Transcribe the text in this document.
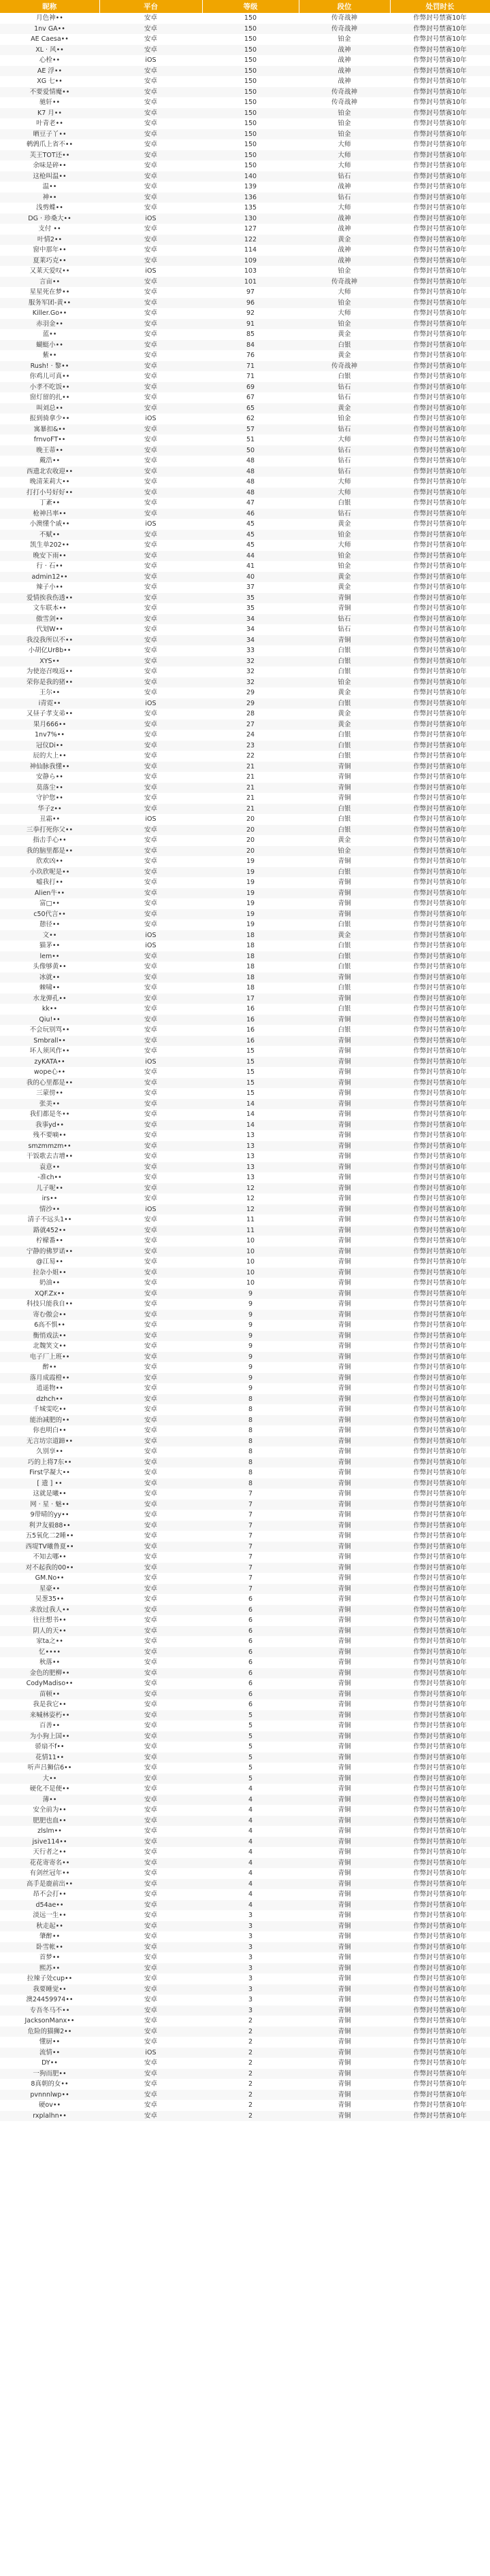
昵称	平台	等级	段位	处罚时长
月色神••	安卓	150	传奇战神	作弊封号禁赛10年
1nv GA••	安卓	150	传奇战神	作弊封号禁赛10年
AE Caesa••	安卓	150	铂金	作弊封号禁赛10年
XL · 风••	安卓	150	战神	作弊封号禁赛10年
心栓••	iOS	150	战神	作弊封号禁赛10年
AE 浮••	安卓	150	战神	作弊封号禁赛10年
XG 七••	安卓	150	战神	作弊封号禁赛10年
不要爱情魔••	安卓	150	传奇战神	作弊封号禁赛10年
驰轩••	安卓	150	传奇战神	作弊封号禁赛10年
K7 月••	安卓	150	铂金	作弊封号禁赛10年
叶青老••	安卓	150	铂金	作弊封号禁赛10年
晒豆子丫••	安卓	150	铂金	作弊封号禁赛10年
鹌鹑爪上省不••	安卓	150	大师	作弊封号禁赛10年
芙王TOT还••	安卓	150	大师	作弊封号禁赛10年
余味是碎••	安卓	150	大师	作弊封号禁赛10年
这枪叫温••	安卓	140	钻石	作弊封号禁赛10年
温••	安卓	139	战神	作弊封号禁赛10年
神••	安卓	136	钻石	作弊封号禁赛10年
浅剪蝶••	安卓	135	大师	作弊封号禁赛10年
DG · 珍桑大••	iOS	130	战神	作弊封号禁赛10年
支付 ••	安卓	127	战神	作弊封号禁赛10年
叶情2••	安卓	122	黄金	作弊封号禁赛10年
窗中那年••	安卓	114	战神	作弊封号禁赛10年
夏莱巧克••	安卓	109	战神	作弊封号禁赛10年
又莱天爱叹••	iOS	103	铂金	作弊封号禁赛10年
言亩••	安卓	101	传奇战神	作弊封号禁赛10年
星星死在梦••	安卓	97	大师	作弊封号禁赛10年
服务军团-黄••	安卓	96	铂金	作弊封号禁赛10年
Killer.Go••	安卓	92	大师	作弊封号禁赛10年
赤羽金••	安卓	91	铂金	作弊封号禁赛10年
蓝••	安卓	85	黄金	作弊封号禁赛10年
蝴蜓小••	安卓	84	白银	作弊封号禁赛10年
紫••	安卓	76	黄金	作弊封号禁赛10年
Rush! · 黎••	安卓	71	传奇战神	作弊封号禁赛10年
你鸡儿可真••	安卓	71	白银	作弊封号禁赛10年
小孝不吃饭••	安卓	69	钻石	作弊封号禁赛10年
窗灯留的扎••	安卓	67	钻石	作弊封号禁赛10年
叫刘总••	安卓	65	黄金	作弊封号禁赛10年
报到骑拿少••	iOS	62	铂金	作弊封号禁赛10年
寓暴扣&••	安卓	57	钻石	作弊封号禁赛10年
frnvoFT••	安卓	51	大师	作弊封号禁赛10年
晚王蒂••	安卓	50	钻石	作弊封号禁赛10年
戴浩••	安卓	48	钻石	作弊封号禁赛10年
西遗北农收迎••	安卓	48	钻石	作弊封号禁赛10年
晚清茉莉大••	安卓	48	大师	作弊封号禁赛10年
打打小号好好••	安卓	48	大师	作弊封号禁赛10年
丁紊••	安卓	47	白银	作弊封号禁赛10年
枪神吕率••	安卓	46	钻石	作弊封号禁赛10年
小澳懂个戚••	iOS	45	黄金	作弊封号禁赛10年
不赋••	安卓	45	铂金	作弊封号禁赛10年
凯生单202••	安卓	45	大师	作弊封号禁赛10年
晚安下雨••	安卓	44	铂金	作弊封号禁赛10年
行 · 石••	安卓	41	铂金	作弊封号禁赛10年
admin12••	安卓	40	黄金	作弊封号禁赛10年
辣子小••	安卓	37	黄金	作弊封号禁赛10年
爱情挨我伤透••	安卓	35	青铜	作弊封号禁赛10年
文车联本••	安卓	35	青铜	作弊封号禁赛10年
傲雪剑••	安卓	34	钻石	作弊封号禁赛10年
代划W••	安卓	34	钻石	作弊封号禁赛10年
我没我所以不••	安卓	34	青铜	作弊封号禁赛10年
小胡亿Ur8b••	安卓	33	白银	作弊封号禁赛10年
XYS••	安卓	32	白银	作弊封号禁赛10年
为使迩召嗅返••	安卓	32	白银	作弊封号禁赛10年
荣你是我的猪••	安卓	32	铂金	作弊封号禁赛10年
王尔••	安卓	29	黄金	作弊封号禁赛10年
i青霓••	iOS	29	白银	作弊封号禁赛10年
又昼子孝支弟••	安卓	28	黄金	作弊封号禁赛10年
果月666••	安卓	27	黄金	作弊封号禁赛10年
1nv7%••	安卓	24	白银	作弊封号禁赛10年
冠仪Di••	安卓	23	白银	作弊封号禁赛10年
辰的大上••	安卓	22	白银	作弊封号禁赛10年
神仙脉我懂••	安卓	21	青铜	作弊封号禁赛10年
安静ら••	安卓	21	青铜	作弊封号禁赛10年
莫落尘••	安卓	21	青铜	作弊封号禁赛10年
守护您••	安卓	21	青铜	作弊封号禁赛10年
华子z••	安卓	21	白银	作弊封号禁赛10年
丑霜••	iOS	20	白银	作弊封号禁赛10年
三拳打死你父••	安卓	20	白银	作弊封号禁赛10年
指击手心••	安卓	20	黄金	作弊封号禁赛10年
我的脑里都是••	安卓	20	铂金	作弊封号禁赛10年
欣欢凶••	安卓	19	青铜	作弊封号禁赛10年
小玖欣呢是••	安卓	19	白银	作弊封号禁赛10年
嘘我打••	安卓	19	青铜	作弊封号禁赛10年
Alien牛••	安卓	19	青铜	作弊封号禁赛10年
富□••	安卓	19	青铜	作弊封号禁赛10年
c50代言••	安卓	19	青铜	作弊封号禁赛10年
憩径••	安卓	19	白银	作弊封号禁赛10年
文••	iOS	18	黄金	作弊封号禁赛10年
猫茅••	iOS	18	白银	作弊封号禁赛10年
lem••	安卓	18	白银	作弊封号禁赛10年
头像够黄••	安卓	18	白银	作弊封号禁赛10年
冰就••	安卓	18	青铜	作弊封号禁赛10年
棘啸••	安卓	18	白银	作弊封号禁赛10年
水龙弹孔••	安卓	17	青铜	作弊封号禁赛10年
kk••	安卓	16	白银	作弊封号禁赛10年
Qiu!••	安卓	16	青铜	作弊封号禁赛10年
不会玩别骂••	安卓	16	白银	作弊封号禁赛10年
Smbrall••	安卓	16	青铜	作弊封号禁赛10年
坏人须风作••	安卓	15	青铜	作弊封号禁赛10年
zyKATA••	iOS	15	青铜	作弊封号禁赛10年
wope心••	安卓	15	青铜	作弊封号禁赛10年
我的心里都是••	安卓	15	青铜	作弊封号禁赛10年
三蒙傍••	安卓	15	青铜	作弊封号禁赛10年
张美••	安卓	14	青铜	作弊封号禁赛10年
我们都是冬••	安卓	14	青铜	作弊封号禁赛10年
我事yd••	安卓	14	青铜	作弊封号禁赛10年
残不要嘀••	安卓	13	青铜	作弊封号禁赛10年
smzmmzm••	安卓	13	青铜	作弊封号禁赛10年
干饭歌去吉增••	安卓	13	青铜	作弊封号禁赛10年
袁意••	安卓	13	青铜	作弊封号禁赛10年
-准ch••	安卓	13	青铜	作弊封号禁赛10年
儿子呢••	安卓	12	青铜	作弊封号禁赛10年
irs••	安卓	12	青铜	作弊封号禁赛10年
情沙••	iOS	12	青铜	作弊封号禁赛10年
清子不远头1••	安卓	11	青铜	作弊封号禁赛10年
路就452••	安卓	11	青铜	作弊封号禁赛10年
柠檬番••	安卓	10	青铜	作弊封号禁赛10年
宁静的佛罗诺••	安卓	10	青铜	作弊封号禁赛10年
@江易••	安卓	10	青铜	作弊封号禁赛10年
拉杂小姐••	安卓	10	青铜	作弊封号禁赛10年
奶油••	安卓	10	青铜	作弊封号禁赛10年
XQF.Zx••	安卓	9	青铜	作弊封号禁赛10年
科技只能我自••	安卓	9	青铜	作弊封号禁赛10年
寄む傲会••	安卓	9	青铜	作弊封号禁赛10年
6高不惧••	安卓	9	青铜	作弊封号禁赛10年
衡悄戏法••	安卓	9	青铜	作弊封号禁赛10年
北魏笑文••	安卓	9	青铜	作弊封号禁赛10年
电子厂上班••	安卓	9	青铜	作弊封号禁赛10年
醉••	安卓	9	青铜	作弊封号禁赛10年
落月成霞橙••	安卓	9	青铜	作弊封号禁赛10年
逍遥物••	安卓	9	青铜	作弊封号禁赛10年
dzhch••	安卓	8	青铜	作弊封号禁赛10年
千城雯吃••	安卓	8	青铜	作弊封号禁赛10年
能治减肥的••	安卓	8	青铜	作弊封号禁赛10年
你也明白••	安卓	8	青铜	作弊封号禁赛10年
无言坊宗道蹄••	安卓	8	青铜	作弊封号禁赛10年
久别享••	安卓	8	青铜	作弊封号禁赛10年
巧的上将7东••	安卓	8	青铜	作弊封号禁赛10年
First学凝大••	安卓	8	青铜	作弊封号禁赛10年
[ 遗 ] ••	安卓	8	青铜	作弊封号禁赛10年
这就是曦••	安卓	7	青铜	作弊封号禁赛10年
网 · 星 · 魅••	安卓	7	青铜	作弊封号禁赛10年
9带晴的yy••	安卓	7	青铜	作弊封号禁赛10年
利尹友毅88••	安卓	7	青铜	作弊封号禁赛10年
五5氧化二2睡••	安卓	7	青铜	作弊封号禁赛10年
西堤TV曦鲁夏••	安卓	7	青铜	作弊封号禁赛10年
不知去哪••	安卓	7	青铜	作弊封号禁赛10年
对不起我的00••	安卓	7	青铜	作弊封号禁赛10年
GM.No••	安卓	7	青铜	作弊封号禁赛10年
星豪••	安卓	7	青铜	作弊封号禁赛10年
吴葱35••	安卓	6	青铜	作弊封号禁赛10年
求放过我人••	安卓	6	青铜	作弊封号禁赛10年
往往想书••	安卓	6	青铜	作弊封号禁赛10年
阴人的天••	安卓	6	青铜	作弊封号禁赛10年
家ta之••	安卓	6	青铜	作弊封号禁赛10年
忆••••	安卓	6	青铜	作弊封号禁赛10年
秋落••	安卓	6	青铜	作弊封号禁赛10年
金色的肥柳••	安卓	6	青铜	作弊封号禁赛10年
CodyMadiso••	安卓	6	青铜	作弊封号禁赛10年
苗顿••	安卓	6	青铜	作弊封号禁赛10年
我是我它••	安卓	6	青铜	作弊封号禁赛10年
来喊林姿朽••	安卓	5	青铜	作弊封号禁赛10年
百善••	安卓	5	青铜	作弊封号禁赛10年
为小狗上国••	安卓	5	青铜	作弊封号禁赛10年
骄扇不f••	安卓	5	青铜	作弊封号禁赛10年
花情11••	安卓	5	青铜	作弊封号禁赛10年
听声吕狮信6••	安卓	5	青铜	作弊封号禁赛10年
大••	安卓	5	青铜	作弊封号禁赛10年
硬化不是便••	安卓	4	青铜	作弊封号禁赛10年
薄••	安卓	4	青铜	作弊封号禁赛10年
安全前为••	安卓	4	青铜	作弊封号禁赛10年
肥肥也血••	安卓	4	青铜	作弊封号禁赛10年
zlslm••	安卓	4	青铜	作弊封号禁赛10年
jsive114••	安卓	4	青铜	作弊封号禁赛10年
天行者之••	安卓	4	青铜	作弊封号禁赛10年
花花寄寄名••	安卓	4	青铜	作弊封号禁赛10年
有剑丝冠年••	安卓	4	青铜	作弊封号禁赛10年
高手是鹿前出••	安卓	4	青铜	作弊封号禁赛10年
昂不会打••	安卓	4	青铜	作弊封号禁赛10年
d54ae••	安卓	4	青铜	作弊封号禁赛10年
淡远一生••	安卓	3	青铜	作弊封号禁赛10年
秋走起••	安卓	3	青铜	作弊封号禁赛10年
肇醉••	安卓	3	青铜	作弊封号禁赛10年
卧雪帐••	安卓	3	青铜	作弊封号禁赛10年
首梦••	安卓	3	青铜	作弊封号禁赛10年
熙苏••	安卓	3	青铜	作弊封号禁赛10年
拉辣子处cup••	安卓	3	青铜	作弊封号禁赛10年
我要睡觉••	安卓	3	青铜	作弊封号禁赛10年
澳24459974••	安卓	3	青铜	作弊封号禁赛10年
专吾冬马不••	安卓	3	青铜	作弊封号禁赛10年
JacksonManx••	安卓	2	青铜	作弊封号禁赛10年
危险的猫狮2••	安卓	2	青铜	作弊封号禁赛10年
懂厨••	安卓	2	青铜	作弊封号禁赛10年
流情••	iOS	2	青铜	作弊封号禁赛10年
DY••	安卓	2	青铜	作弊封号禁赛10年
一狗而肥••	安卓	2	青铜	作弊封号禁赛10年
8真朝的女••	安卓	2	青铜	作弊封号禁赛10年
pvnnnlwp••	安卓	2	青铜	作弊封号禁赛10年
硬ov••	安卓	2	青铜	作弊封号禁赛10年
rxplalhn••	安卓	2	青铜	作弊封号禁赛10年
